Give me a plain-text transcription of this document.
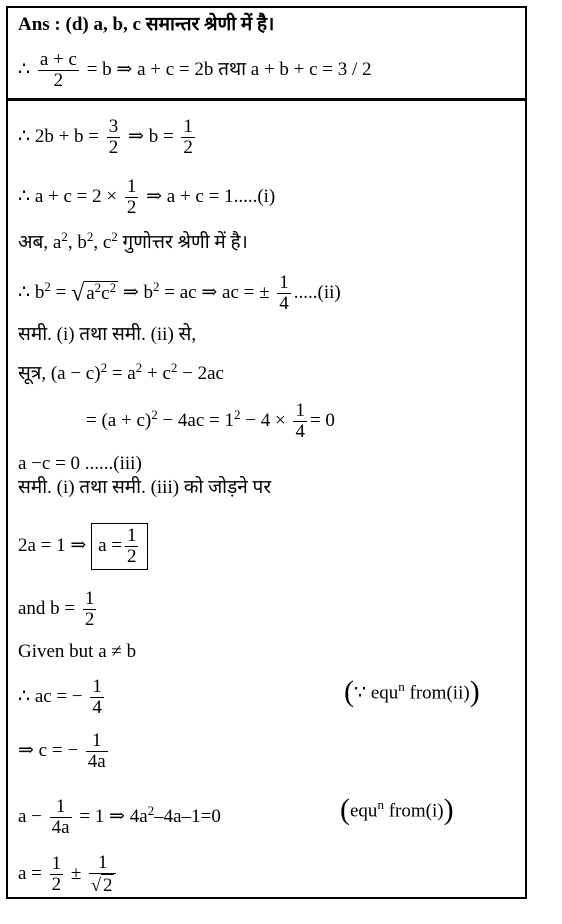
Ans : (d) a, b, c समान्तर श्रेणी में है।
∴ $\frac{a + c}{2} = b$ ⇒ a + c = 2b तथा a + b + c = 3 / 2
∴ $2b + b = \frac{3}{2}$ ⇒ $b = \frac{1}{2}$
∴ $a + c = 2 \times \frac{1}{2}$ ⇒ a + c = 1.....(i)
अब, $a^2$, $b^2$, $c^2$ गुणोत्तर श्रेणी में है।
∴ $b^2$ = √ $a^2c^2$ ⇒ $b^2$ = ac ⇒ ac = ± $\frac{1}{4} .....(ii)$
समी. (i) तथा समी. (ii) से,
सूत्र, $(a - c)^2 = a^2 + c^2 - 2ac$
= $(a + c)^2 - 4ac = 1^2 - 4 \times \frac{1}{4} = 0$
a −c = 0 ......(iii)
समी. (i) तथा समी. (iii) को जोड़ने पर
2a = 1 ⇒ $a = \frac{1}{2}$
and $b = \frac{1}{2}$
Given but a ≠ b
∴ ac = − $\frac{1}{4}$	(∵ equ$^n$ from(ii))
⇒ c = − $\frac{1}{4a}$
$a - \frac{1}{4a} = 1$ ⇒ $4a^2-4a-1=0$	(equ$^n$ from(i))
$a = \frac{1}{2} \pm \frac{1}{√ 2}$
